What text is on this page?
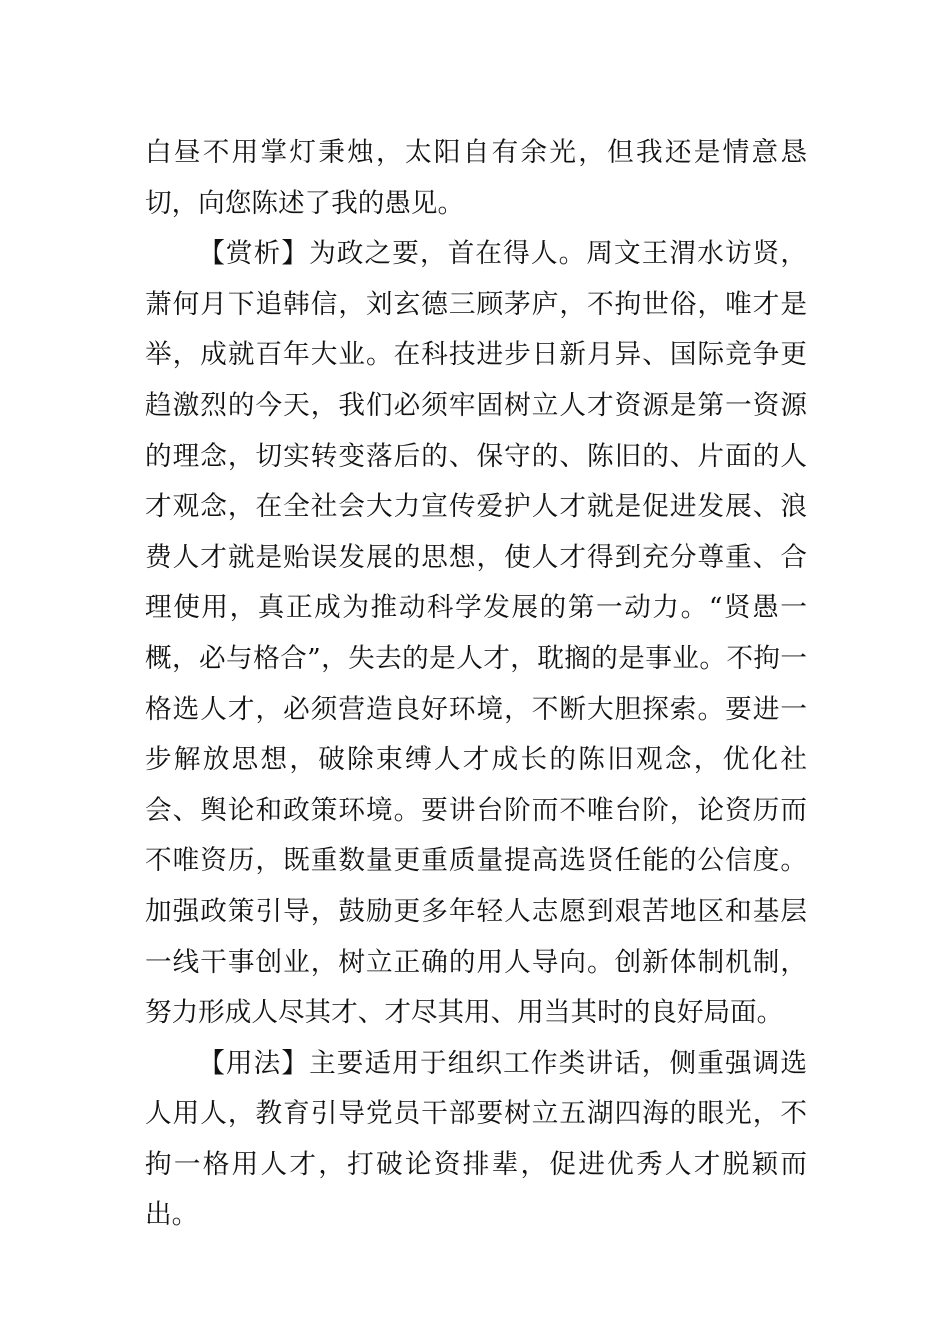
白昼不用掌灯秉烛，太阳自有余光，但我还是情意恳切，向您陈述了我的愚见。

【赏析】为政之要，首在得人。周文王渭水访贤，萧何月下追韩信，刘玄德三顾茅庐，不拘世俗，唯才是举，成就百年大业。在科技进步日新月异、国际竞争更趋激烈的今天，我们必须牢固树立人才资源是第一资源的理念，切实转变落后的、保守的、陈旧的、片面的人才观念，在全社会大力宣传爱护人才就是促进发展、浪费人才就是贻误发展的思想，使人才得到充分尊重、合理使用，真正成为推动科学发展的第一动力。“贤愚一概，必与格合”，失去的是人才，耽搁的是事业。不拘一格选人才，必须营造良好环境，不断大胆探索。要进一步解放思想，破除束缚人才成长的陈旧观念，优化社会、舆论和政策环境。要讲台阶而不唯台阶，论资历而不唯资历，既重数量更重质量提高选贤任能的公信度。加强政策引导，鼓励更多年轻人志愿到艰苦地区和基层一线干事创业，树立正确的用人导向。创新体制机制，努力形成人尽其才、才尽其用、用当其时的良好局面。

【用法】主要适用于组织工作类讲话，侧重强调选人用人，教育引导党员干部要树立五湖四海的眼光，不拘一格用人才，打破论资排辈，促进优秀人才脱颖而出。
